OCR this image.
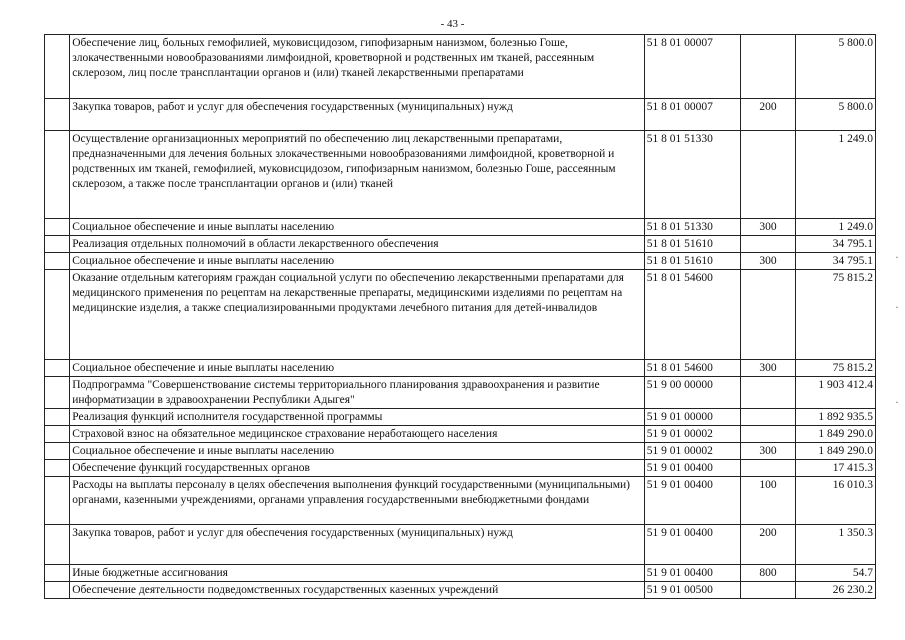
- 43 -
	Обеспечение лиц, больных гемофилией, муковисцидозом, гипофизарным нанизмом, болезнью Гоше, злокачественными новообразованиями лимфоидной, кроветворной и родственных им тканей, рассеянным склерозом, лиц после трансплантации органов и (или) тканей лекарственными препаратами	51 8 01 00007		5 800.0
	Закупка товаров, работ и услуг для обеспечения государственных (муниципальных) нужд	51 8 01 00007	200	5 800.0
	Осуществление организационных мероприятий по обеспечению лиц лекарственными препаратами, предназначенными для лечения больных злокачественными новообразованиями лимфоидной, кроветворной и родственных им тканей, гемофилией, муковисцидозом, гипофизарным нанизмом, болезнью Гоше, рассеянным склерозом, а также после трансплантации органов и (или) тканей	51 8 01 51330		1 249.0
	Социальное обеспечение и иные выплаты населению	51 8 01 51330	300	1 249.0
	Реализация отдельных полномочий в области лекарственного обеспечения	51 8 01 51610		34 795.1
	Социальное обеспечение и иные выплаты населению	51 8 01 51610	300	34 795.1
	Оказание отдельным категориям граждан социальной услуги по обеспечению лекарственными препаратами для медицинского применения по рецептам на лекарственные препараты, медицинскими изделиями по рецептам на медицинские изделия, а также специализированными продуктами лечебного питания для детей-инвалидов	51 8 01 54600		75 815.2
	Социальное обеспечение и иные выплаты населению	51 8 01 54600	300	75 815.2
	Подпрограмма "Совершенствование системы территориального планирования здравоохранения и развитие информатизации в здравоохранении Республики Адыгея"	51 9 00 00000		1 903 412.4
	Реализация функций исполнителя государственной программы	51 9 01 00000		1 892 935.5
	Страховой взнос на обязательное медицинское страхование неработающего населения	51 9 01 00002		1 849 290.0
	Социальное обеспечение и иные выплаты населению	51 9 01 00002	300	1 849 290.0
	Обеспечение функций государственных органов	51 9 01 00400		17 415.3
	Расходы на выплаты персоналу в целях обеспечения выполнения функций государственными (муниципальными) органами, казенными учреждениями, органами управления государственными внебюджетными фондами	51 9 01 00400	100	16 010.3
	Закупка товаров, работ и услуг для обеспечения государственных (муниципальных) нужд	51 9 01 00400	200	1 350.3
	Иные бюджетные ассигнования	51 9 01 00400	800	54.7
	Обеспечение деятельности подведомственных государственных казенных учреждений	51 9 01 00500		26 230.2
·
·
·
